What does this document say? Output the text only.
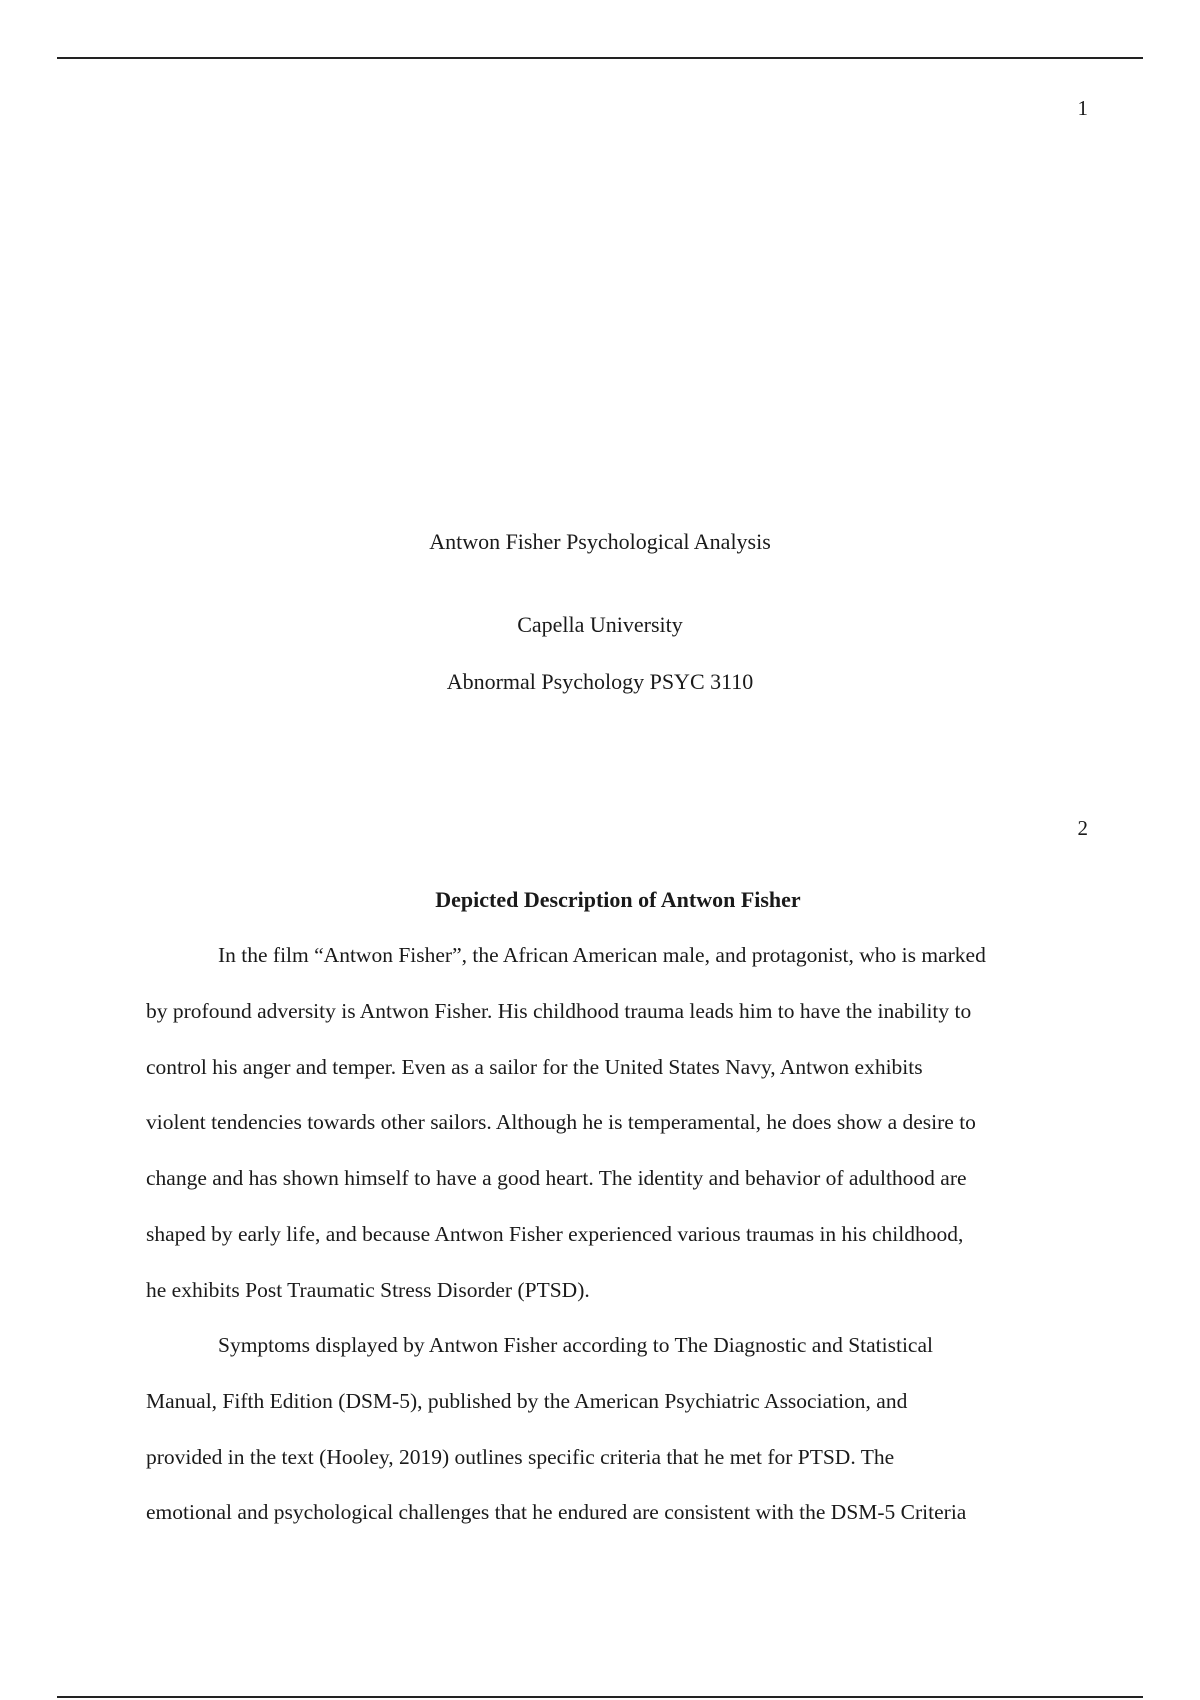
1
Antwon Fisher Psychological Analysis
Capella University
Abnormal Psychology PSYC 3110
2
Depicted Description of Antwon Fisher
In the film “Antwon Fisher”, the African American male, and protagonist, who is marked
by profound adversity is Antwon Fisher. His childhood trauma leads him to have the inability to
control his anger and temper. Even as a sailor for the United States Navy, Antwon exhibits
violent tendencies towards other sailors. Although he is temperamental, he does show a desire to
change and has shown himself to have a good heart. The identity and behavior of adulthood are
shaped by early life, and because Antwon Fisher experienced various traumas in his childhood,
he exhibits Post Traumatic Stress Disorder (PTSD).
Symptoms displayed by Antwon Fisher according to The Diagnostic and Statistical
Manual, Fifth Edition (DSM-5), published by the American Psychiatric Association, and
provided in the text (Hooley, 2019) outlines specific criteria that he met for PTSD. The
emotional and psychological challenges that he endured are consistent with the DSM-5 Criteria
